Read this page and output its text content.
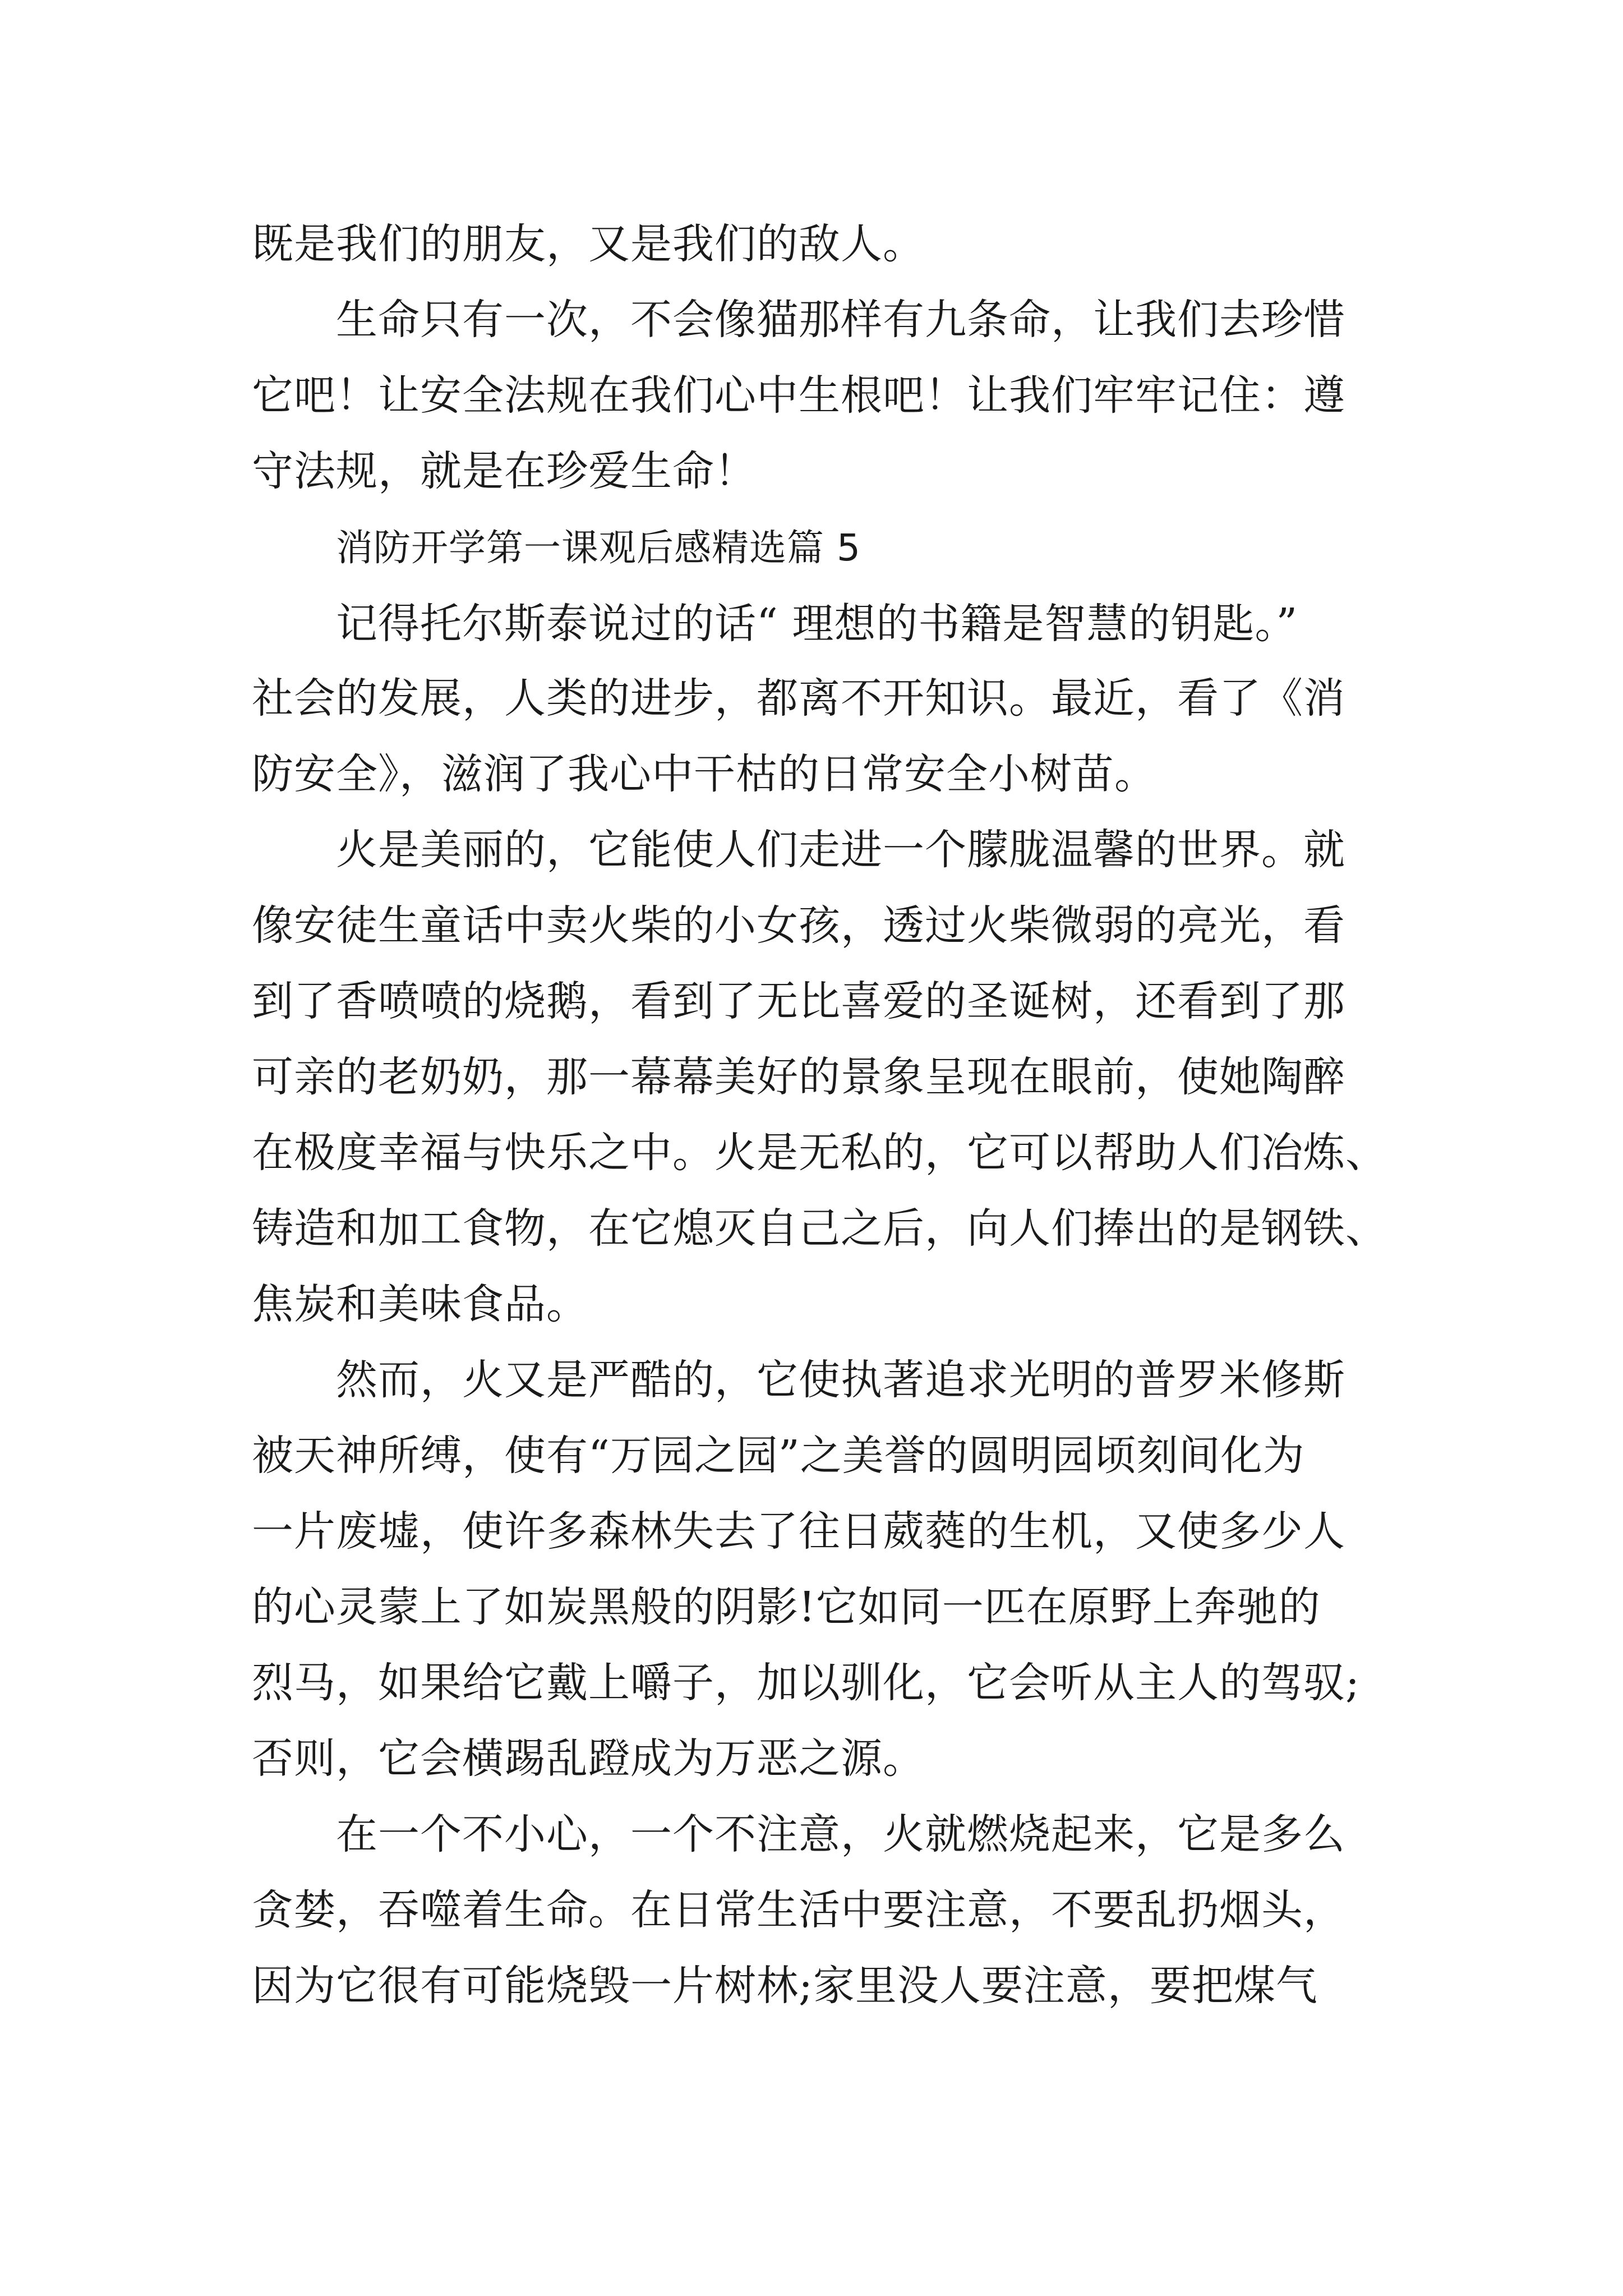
既是我们的朋友，又是我们的敌人。

生命只有一次，不会像猫那样有九条命，让我们去珍惜

它吧！让安全法规在我们心中生根吧！让我们牢牢记住：遵

守法规，就是在珍爱生命！

消防开学第一课观后感精选篇 5

记得托尔斯泰说过的话“ 理想的书籍是智慧的钥匙。”

社会的发展，人类的进步，都离不开知识。最近，看了《消

防安全》，滋润了我心中干枯的日常安全小树苗。

火是美丽的，它能使人们走进一个朦胧温馨的世界。就

像安徒生童话中卖火柴的小女孩，透过火柴微弱的亮光，看

到了香喷喷的烧鹅，看到了无比喜爱的圣诞树，还看到了那

可亲的老奶奶，那一幕幕美好的景象呈现在眼前，使她陶醉

在极度幸福与快乐之中。火是无私的，它可以帮助人们冶炼、

铸造和加工食物，在它熄灭自己之后，向人们捧出的是钢铁、

焦炭和美味食品。

然而，火又是严酷的，它使执著追求光明的普罗米修斯

被天神所缚，使有“万园之园”之美誉的圆明园顷刻间化为

一片废墟，使许多森林失去了往日葳蕤的生机，又使多少人

的心灵蒙上了如炭黑般的阴影!它如同一匹在原野上奔驰的

烈马，如果给它戴上嚼子，加以驯化，它会听从主人的驾驭;

否则，它会横踢乱蹬成为万恶之源。

在一个不小心，一个不注意，火就燃烧起来，它是多么

贪婪，吞噬着生命。在日常生活中要注意，不要乱扔烟头，

因为它很有可能烧毁一片树林;家里没人要注意，要把煤气
